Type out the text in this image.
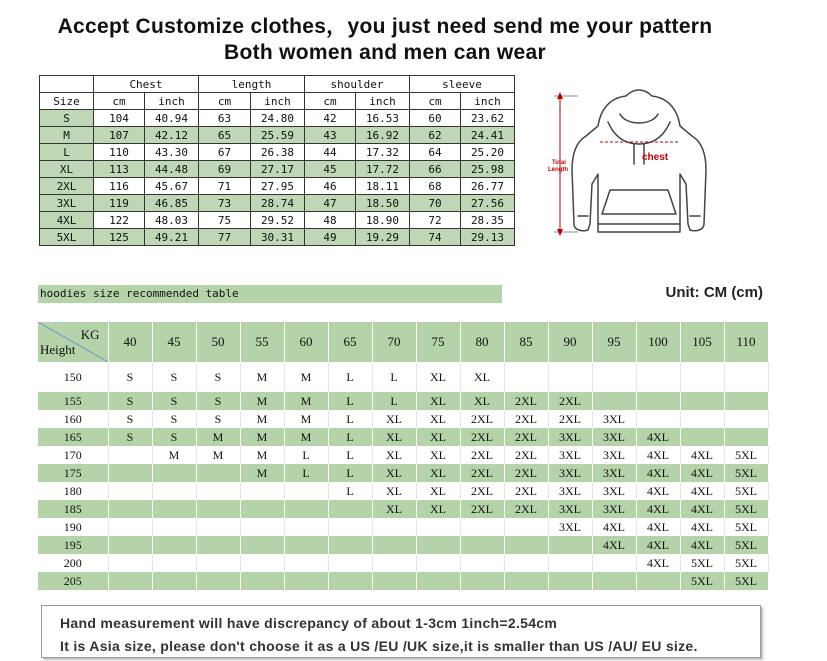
Accept Customize clothes，you just need send me your pattern
Both women and men can wear
	Chest		length		shoulder		sleeve	
Size	cm	inch	cm	inch	cm	inch	cm	inch
S	104	40.94	63	24.80	42	16.53	60	23.62
M	107	42.12	65	25.59	43	16.92	62	24.41
L	110	43.30	67	26.38	44	17.32	64	25.20
XL	113	44.48	69	27.17	45	17.72	66	25.98
2XL	116	45.67	71	27.95	46	18.11	68	26.77
3XL	119	46.85	73	28.74	47	18.50	70	27.56
4XL	122	48.03	75	29.52	48	18.90	72	28.35
5XL	125	49.21	77	30.31	49	19.29	74	29.13
chest
Total
Length
hoodies size recommended table	Unit: CM (cm)
KG
Height	40	45	50	55	60	65	70	75	80	85	90	95	100	105	110
150	S	S	S	M	M	L	L	XL	XL						
155	S	S	S	M	M	L	L	XL	XL	2XL	2XL				
160	S	S	S	M	M	L	XL	XL	2XL	2XL	2XL	3XL			
165	S	S	M	M	M	L	XL	XL	2XL	2XL	3XL	3XL	4XL		
170		M	M	M	L	L	XL	XL	2XL	2XL	3XL	3XL	4XL	4XL	5XL
175				M	L	L	XL	XL	2XL	2XL	3XL	3XL	4XL	4XL	5XL
180						L	XL	XL	2XL	2XL	3XL	3XL	4XL	4XL	5XL
185							XL	XL	2XL	2XL	3XL	3XL	4XL	4XL	5XL
190											3XL	4XL	4XL	4XL	5XL
195												4XL	4XL	4XL	5XL
200													4XL	5XL	5XL
205														5XL	5XL
Hand measurement will have discrepancy of about 1-3cm 1inch=2.54cm
It is Asia size, please don't choose it as a US /EU /UK size,it is smaller than US /AU/ EU size.
